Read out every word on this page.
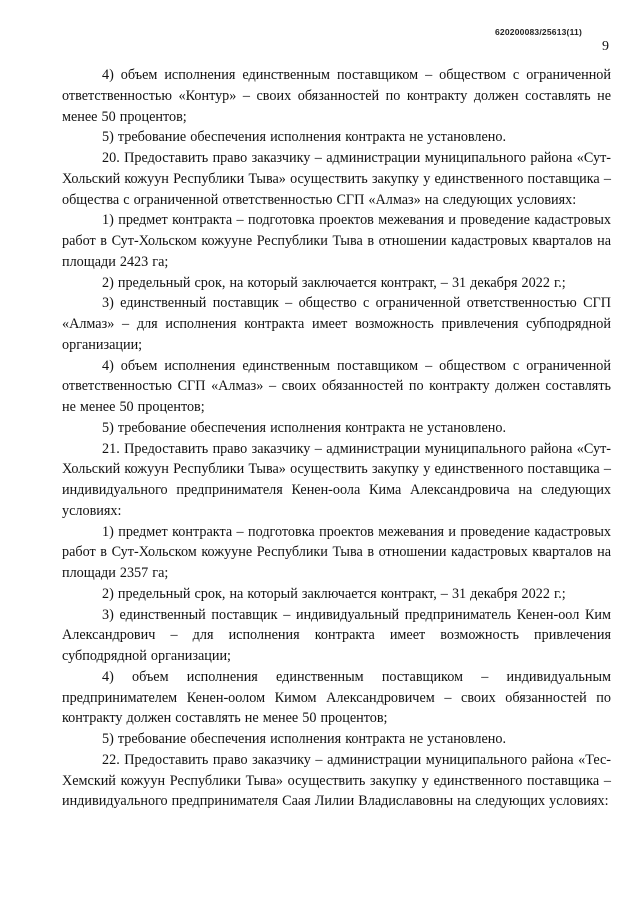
620200083/25613(11)
9

4) объем исполнения единственным поставщиком – обществом с ограниченной ответственностью «Контур» – своих обязанностей по контракту должен составлять не менее 50 процентов;

5) требование обеспечения исполнения контракта не установлено.

20. Предоставить право заказчику – администрации муниципального района «Сут-Хольский кожуун Республики Тыва» осуществить закупку у единственного поставщика – общества с ограниченной ответственностью СГП «Алмаз» на следующих условиях:

1) предмет контракта – подготовка проектов межевания и проведение кадастровых работ в Сут-Хольском кожууне Республики Тыва в отношении кадастровых кварталов на площади 2423 га;

2) предельный срок, на который заключается контракт, – 31 декабря 2022 г.;

3) единственный поставщик – общество с ограниченной ответственностью СГП «Алмаз» – для исполнения контракта имеет возможность привлечения субподрядной организации;

4) объем исполнения единственным поставщиком – обществом с ограниченной ответственностью СГП «Алмаз» – своих обязанностей по контракту должен составлять не менее 50 процентов;

5) требование обеспечения исполнения контракта не установлено.

21. Предоставить право заказчику – администрации муниципального района «Сут-Хольский кожуун Республики Тыва» осуществить закупку у единственного поставщика – индивидуального предпринимателя Кенен-оола Кима Александровича на следующих условиях:

1) предмет контракта – подготовка проектов межевания и проведение кадастровых работ в Сут-Хольском кожууне Республики Тыва в отношении кадастровых кварталов на площади 2357 га;

2) предельный срок, на который заключается контракт, – 31 декабря 2022 г.;

3) единственный поставщик – индивидуальный предприниматель Кенен-оол Ким Александрович – для исполнения контракта имеет возможность привлечения субподрядной организации;

4) объем исполнения единственным поставщиком – индивидуальным предпринимателем Кенен-оолом Кимом Александровичем – своих обязанностей по контракту должен составлять не менее 50 процентов;

5) требование обеспечения исполнения контракта не установлено.

22. Предоставить право заказчику – администрации муниципального района «Тес-Хемский кожуун Республики Тыва» осуществить закупку у единственного поставщика – индивидуального предпринимателя Саая Лилии Владиславовны на следующих условиях:
